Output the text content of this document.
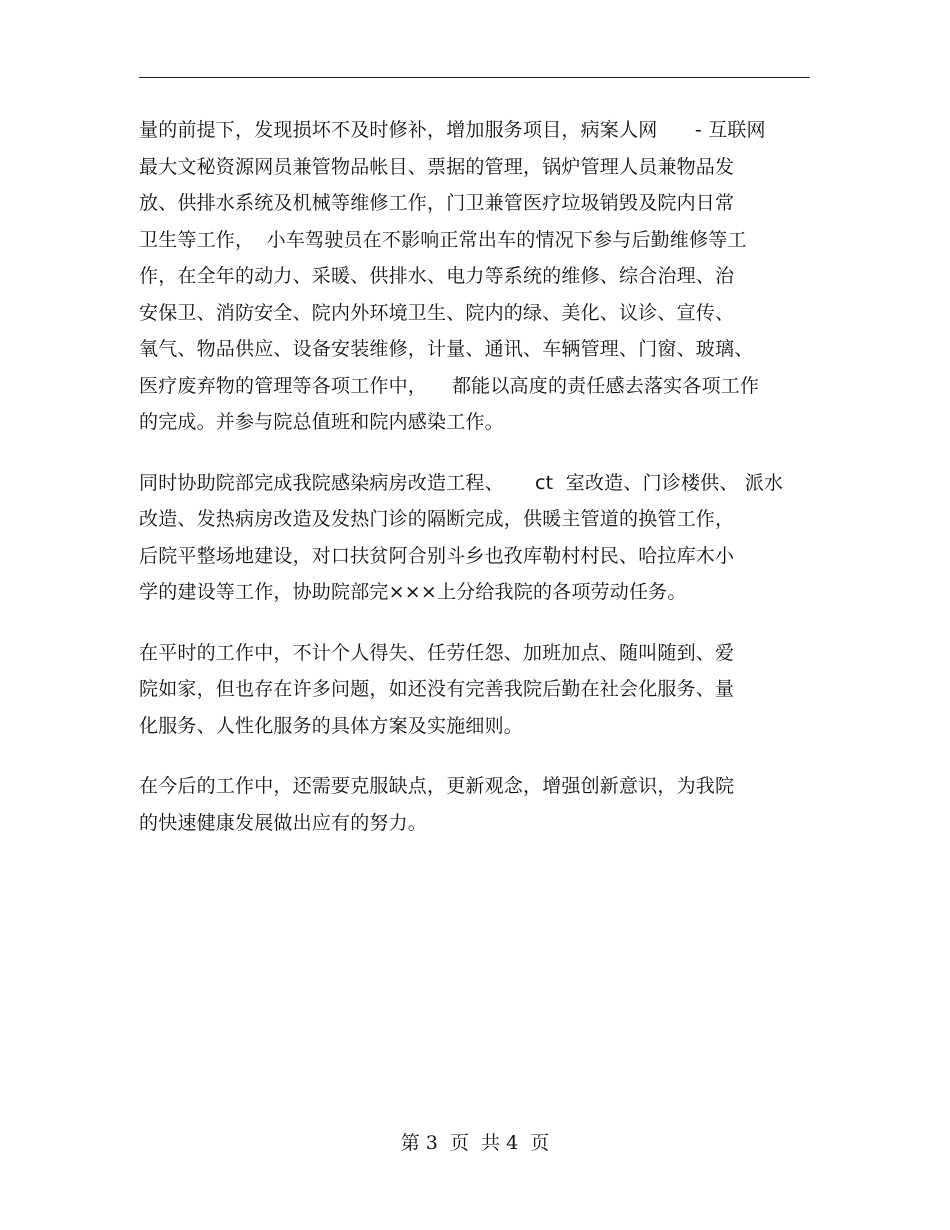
量的前提下，发现损坏不及时修补，增加服务项目，病案人网      - 互联网
最大文秘资源网员兼管物品帐目、票据的管理，锅炉管理人员兼物品发
放、供排水系统及机械等维修工作，门卫兼管医疗垃圾销毁及院内日常
卫生等工作，  小车驾驶员在不影响正常出车的情况下参与后勤维修等工
作，在全年的动力、采暖、供排水、电力等系统的维修、综合治理、治
安保卫、消防安全、院内外环境卫生、院内的绿、美化、议诊、宣传、
氧气、物品供应、设备安装维修，计量、通讯、车辆管理、门窗、玻璃、
医疗废弃物的管理等各项工作中，    都能以高度的责任感去落实各项工作
的完成。并参与院总值班和院内感染工作。
同时协助院部完成我院感染病房改造工程、     ct  室改造、门诊楼供、 派水
改造、发热病房改造及发热门诊的隔断完成，供暖主管道的换管工作，
后院平整场地建设，对口扶贫阿合别斗乡也孜库勒村村民、哈拉库木小
学的建设等工作，协助院部完×××上分给我院的各项劳动任务。
在平时的工作中，不计个人得失、任劳任怨、加班加点、随叫随到、爱
院如家，但也存在许多问题，如还没有完善我院后勤在社会化服务、量
化服务、人性化服务的具体方案及实施细则。
在今后的工作中，还需要克服缺点，更新观念，增强创新意识，为我院
的快速健康发展做出应有的努力。
第 3  页  共 4  页
